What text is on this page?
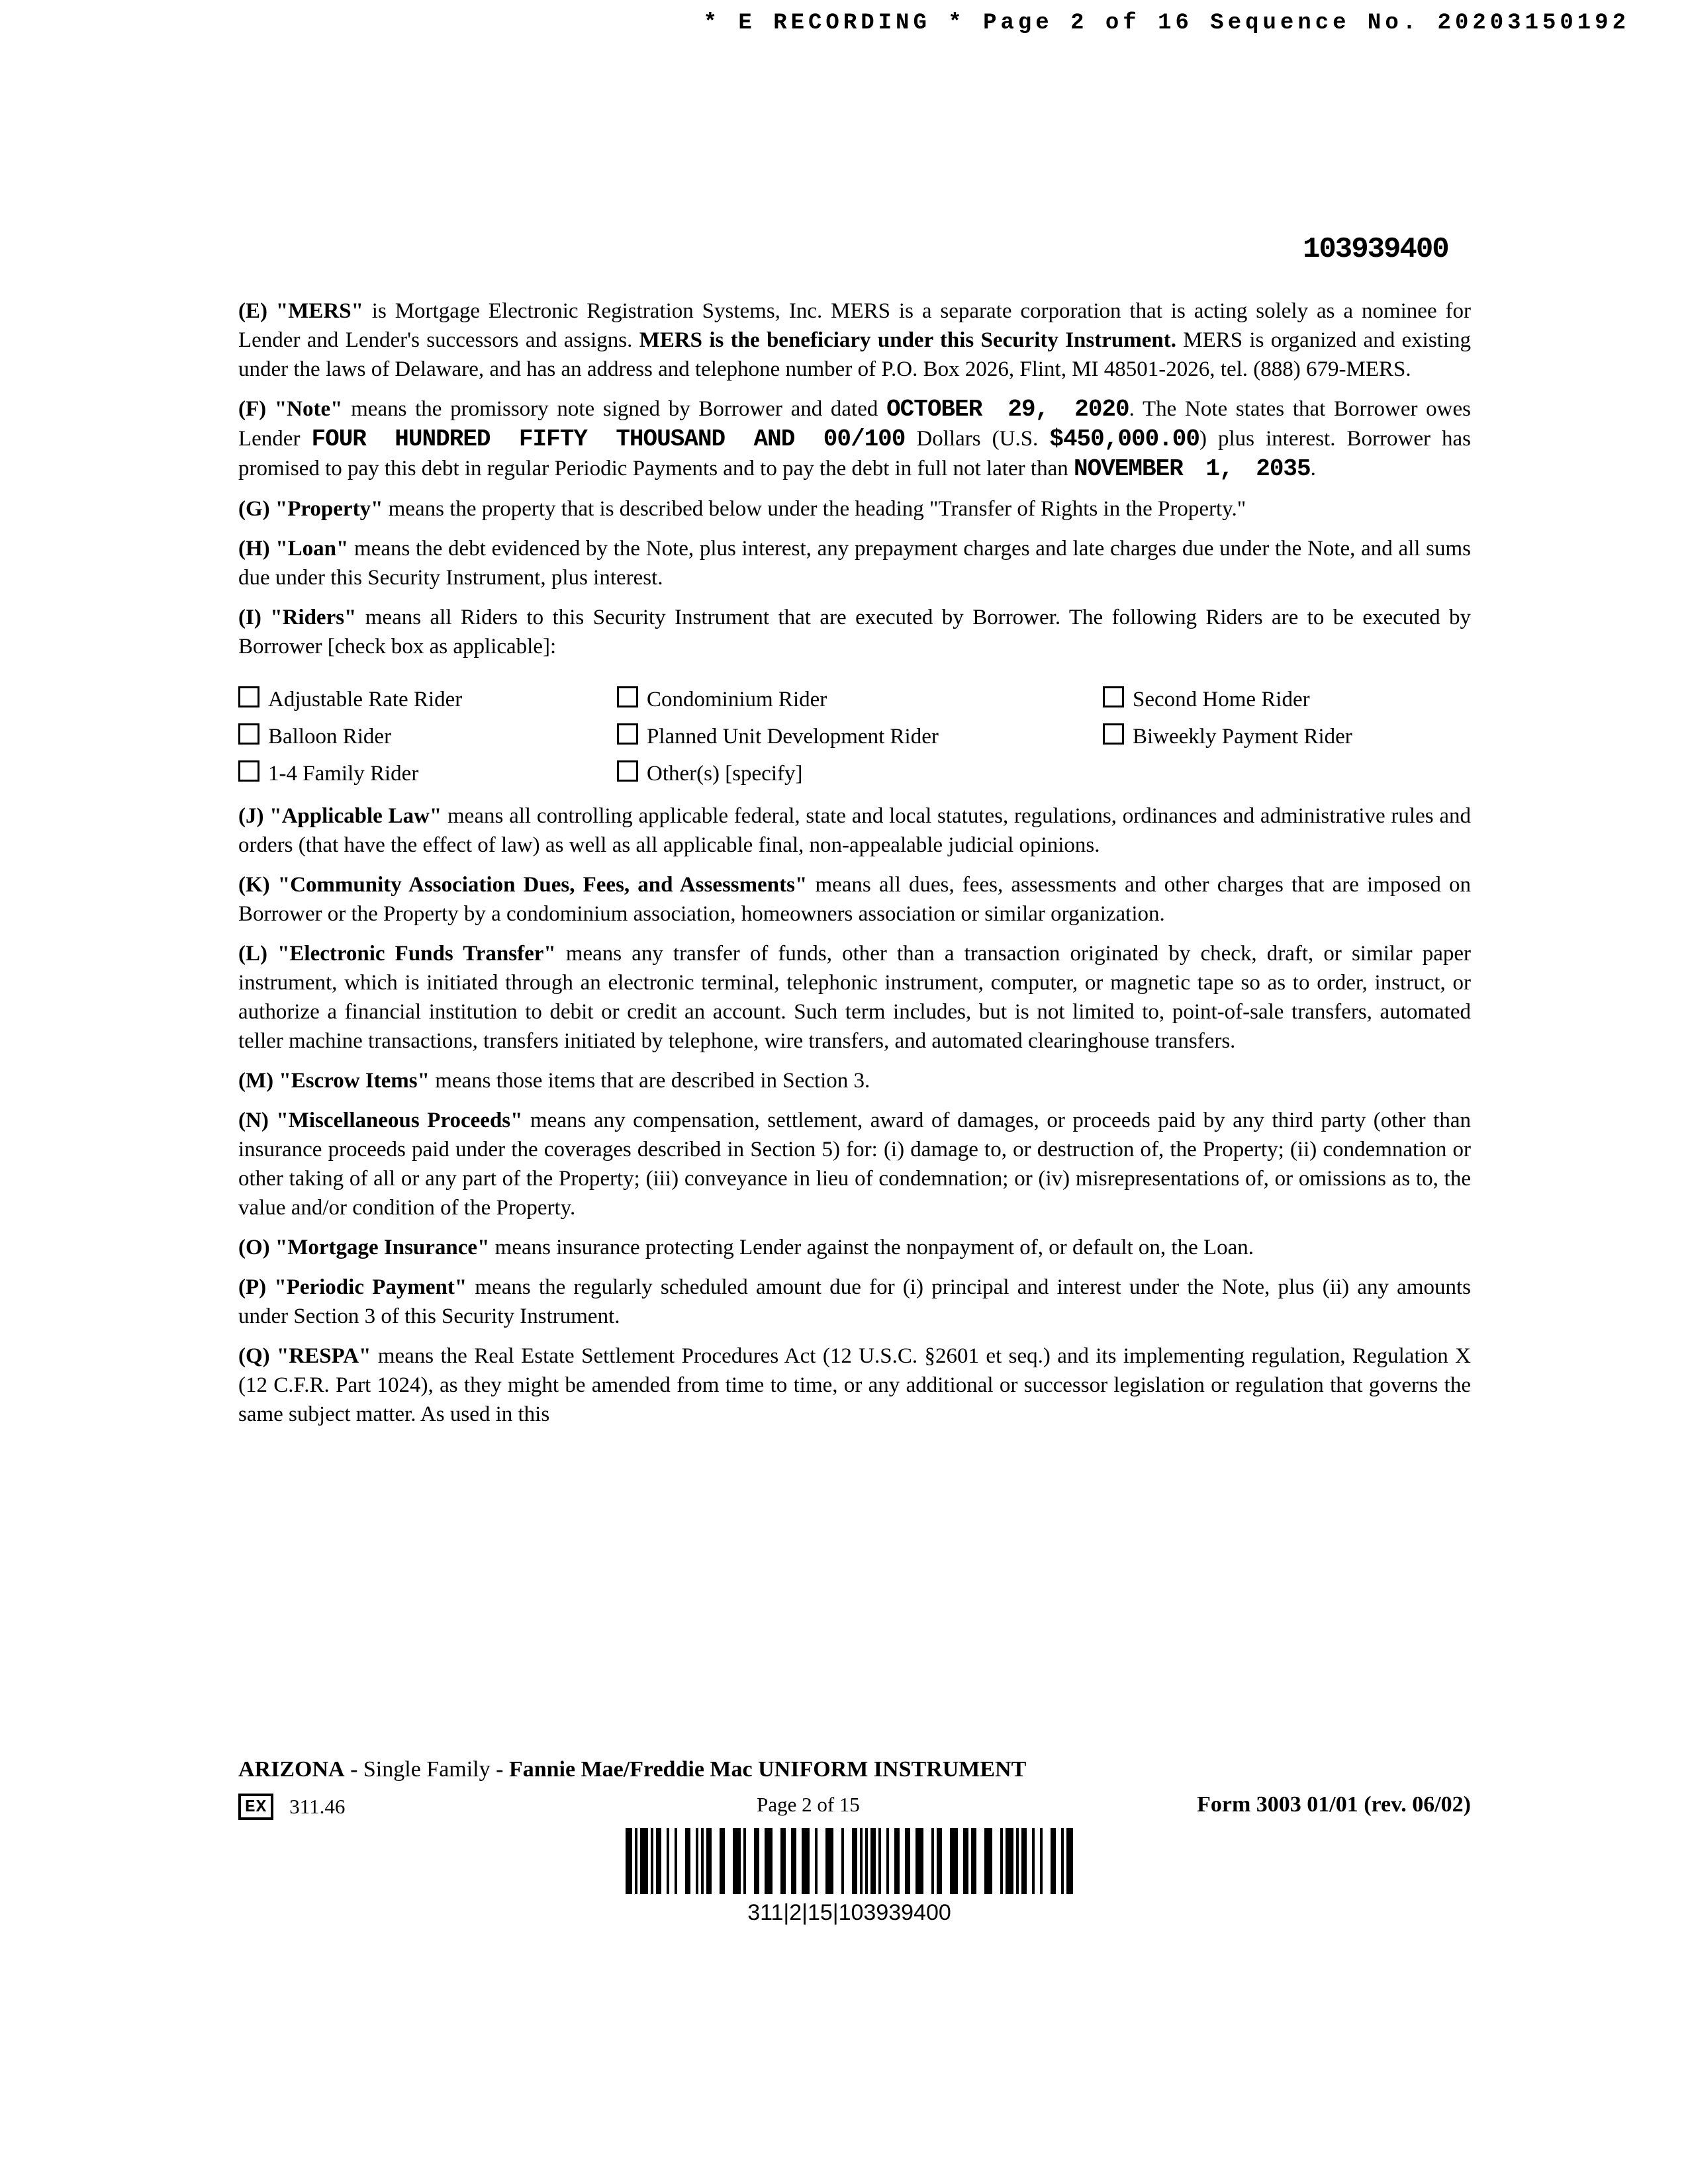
* E RECORDING * Page 2 of 16 Sequence No. 20203150192
103939400

(E) "MERS" is Mortgage Electronic Registration Systems, Inc. MERS is a separate corporation that is acting solely as a nominee for Lender and Lender's successors and assigns. MERS is the beneficiary under this Security Instrument. MERS is organized and existing under the laws of Delaware, and has an address and telephone number of P.O. Box 2026, Flint, MI 48501-2026, tel. (888) 679-MERS.

(F) "Note" means the promissory note signed by Borrower and dated OCTOBER 29, 2020. The Note states that Borrower owes Lender FOUR HUNDRED FIFTY THOUSAND AND 00/100 Dollars (U.S. $450,000.00) plus interest. Borrower has promised to pay this debt in regular Periodic Payments and to pay the debt in full not later than NOVEMBER 1, 2035.

(G) "Property" means the property that is described below under the heading "Transfer of Rights in the Property."

(H) "Loan" means the debt evidenced by the Note, plus interest, any prepayment charges and late charges due under the Note, and all sums due under this Security Instrument, plus interest.

(I) "Riders" means all Riders to this Security Instrument that are executed by Borrower. The following Riders are to be executed by Borrower [check box as applicable]:

Adjustable Rate Rider	Condominium Rider	Second Home Rider
Balloon Rider	Planned Unit Development Rider	Biweekly Payment Rider
1-4 Family Rider	Other(s) [specify]

(J) "Applicable Law" means all controlling applicable federal, state and local statutes, regulations, ordinances and administrative rules and orders (that have the effect of law) as well as all applicable final, non-appealable judicial opinions.

(K) "Community Association Dues, Fees, and Assessments" means all dues, fees, assessments and other charges that are imposed on Borrower or the Property by a condominium association, homeowners association or similar organization.

(L) "Electronic Funds Transfer" means any transfer of funds, other than a transaction originated by check, draft, or similar paper instrument, which is initiated through an electronic terminal, telephonic instrument, computer, or magnetic tape so as to order, instruct, or authorize a financial institution to debit or credit an account. Such term includes, but is not limited to, point-of-sale transfers, automated teller machine transactions, transfers initiated by telephone, wire transfers, and automated clearinghouse transfers.

(M) "Escrow Items" means those items that are described in Section 3.

(N) "Miscellaneous Proceeds" means any compensation, settlement, award of damages, or proceeds paid by any third party (other than insurance proceeds paid under the coverages described in Section 5) for: (i) damage to, or destruction of, the Property; (ii) condemnation or other taking of all or any part of the Property; (iii) conveyance in lieu of condemnation; or (iv) misrepresentations of, or omissions as to, the value and/or condition of the Property.

(O) "Mortgage Insurance" means insurance protecting Lender against the nonpayment of, or default on, the Loan.

(P) "Periodic Payment" means the regularly scheduled amount due for (i) principal and interest under the Note, plus (ii) any amounts under Section 3 of this Security Instrument.

(Q) "RESPA" means the Real Estate Settlement Procedures Act (12 U.S.C. §2601 et seq.) and its implementing regulation, Regulation X (12 C.F.R. Part 1024), as they might be amended from time to time, or any additional or successor legislation or regulation that governs the same subject matter. As used in this

ARIZONA - Single Family - Fannie Mae/Freddie Mac UNIFORM INSTRUMENT
EX	311.46	Page 2 of 15	Form 3003 01/01 (rev. 06/02)
311|2|15|103939400
